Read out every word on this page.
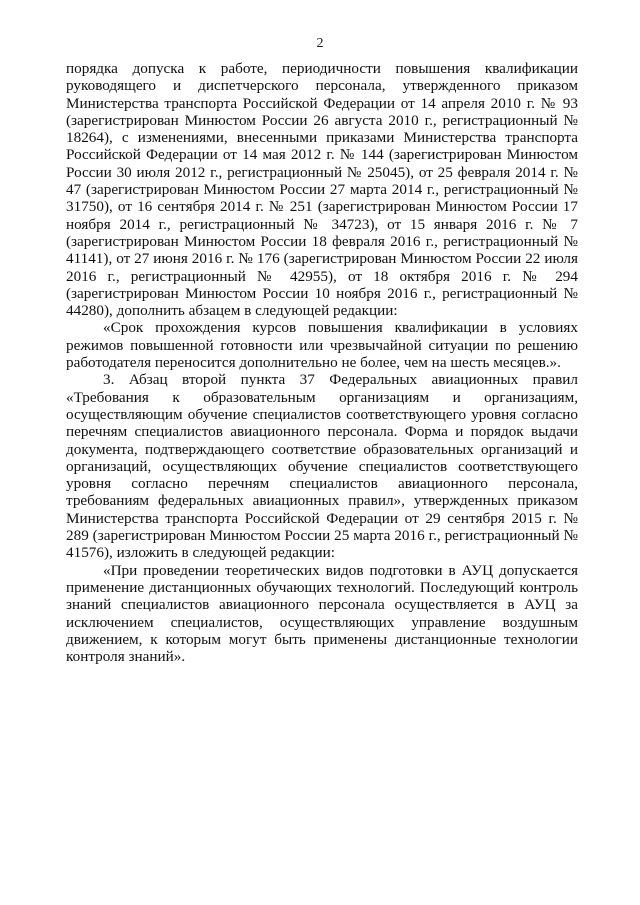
2

порядка допуска к работе, периодичности повышения квалификации руководящего и диспетчерского персонала, утвержденного приказом Министерства транспорта Российской Федерации от 14 апреля 2010 г. № 93 (зарегистрирован Минюстом России 26 августа 2010 г., регистрационный № 18264), с изменениями, внесенными приказами Министерства транспорта Российской Федерации от 14 мая 2012 г. № 144 (зарегистрирован Минюстом России 30 июля 2012 г., регистрационный № 25045), от 25 февраля 2014 г. № 47 (зарегистрирован Минюстом России 27 марта 2014 г., регистрационный № 31750), от 16 сентября 2014 г. № 251 (зарегистрирован Минюстом России 17 ноября 2014 г., регистрационный № 34723), от 15 января 2016 г. № 7 (зарегистрирован Минюстом России 18 февраля 2016 г., регистрационный № 41141), от 27 июня 2016 г. № 176 (зарегистрирован Минюстом России 22 июля 2016 г., регистрационный № 42955), от 18 октября 2016 г. № 294 (зарегистрирован Минюстом России 10 ноября 2016 г., регистрационный № 44280), дополнить абзацем в следующей редакции:

«Срок прохождения курсов повышения квалификации в условиях режимов повышенной готовности или чрезвычайной ситуации по решению работодателя переносится дополнительно не более, чем на шесть месяцев.».

3. Абзац второй пункта 37 Федеральных авиационных правил «Требования к образовательным организациям и организациям, осуществляющим обучение специалистов соответствующего уровня согласно перечням специалистов авиационного персонала. Форма и порядок выдачи документа, подтверждающего соответствие образовательных организаций и организаций, осуществляющих обучение специалистов соответствующего уровня согласно перечням специалистов авиационного персонала, требованиям федеральных авиационных правил», утвержденных приказом Министерства транспорта Российской Федерации от 29 сентября 2015 г. № 289 (зарегистрирован Минюстом России 25 марта 2016 г., регистрационный № 41576), изложить в следующей редакции:

«При проведении теоретических видов подготовки в АУЦ допускается применение дистанционных обучающих технологий. Последующий контроль знаний специалистов авиационного персонала осуществляется в АУЦ за исключением специалистов, осуществляющих управление воздушным движением, к которым могут быть применены дистанционные технологии контроля знаний».
